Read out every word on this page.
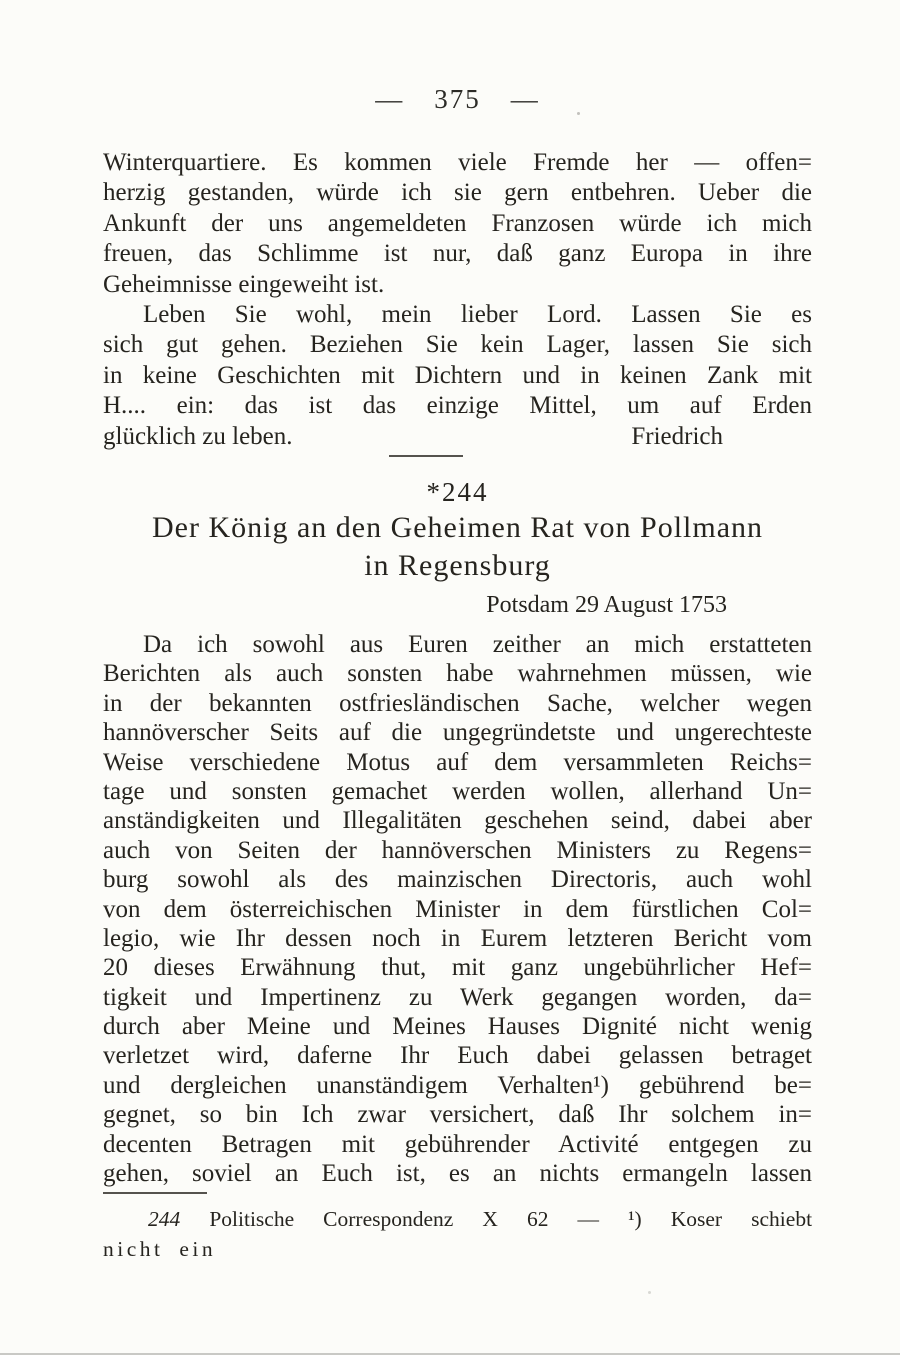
— 375 —
Winterquartiere. Es kommen viele Fremde her — offen=
herzig gestanden, würde ich sie gern entbehren. Ueber die
Ankunft der uns angemeldeten Franzosen würde ich mich
freuen, das Schlimme ist nur, daß ganz Europa in ihre
Geheimnisse eingeweiht ist.
Leben Sie wohl, mein lieber Lord. Lassen Sie es
sich gut gehen. Beziehen Sie kein Lager, lassen Sie sich
in keine Geschichten mit Dichtern und in keinen Zank mit
H.... ein: das ist das einzige Mittel, um auf Erden
glücklich zu leben.	Friedrich
*244
Der König an den Geheimen Rat von Pollmann
in Regensburg
Potsdam 29 August 1753
Da ich sowohl aus Euren zeither an mich erstatteten
Berichten als auch sonsten habe wahrnehmen müssen, wie
in der bekannten ostfriesländischen Sache, welcher wegen
hannöverscher Seits auf die ungegründetste und ungerechteste
Weise verschiedene Motus auf dem versammleten Reichs=
tage und sonsten gemachet werden wollen, allerhand Un=
anständigkeiten und Illegalitäten geschehen seind, dabei aber
auch von Seiten der hannöverschen Ministers zu Regens=
burg sowohl als des mainzischen Directoris, auch wohl
von dem österreichischen Minister in dem fürstlichen Col=
legio, wie Ihr dessen noch in Eurem letzteren Bericht vom
20 dieses Erwähnung thut, mit ganz ungebührlicher Hef=
tigkeit und Impertinenz zu Werk gegangen worden, da=
durch aber Meine und Meines Hauses Dignité nicht wenig
verletzet wird, daferne Ihr Euch dabei gelassen betraget
und dergleichen unanständigem Verhalten¹) gebührend be=
gegnet, so bin Ich zwar versichert, daß Ihr solchem in=
decenten Betragen mit gebührender Activité entgegen zu
gehen, soviel an Euch ist, es an nichts ermangeln lassen
244 Politische Correspondenz X 62 — ¹) Koser schiebt
nicht ein
